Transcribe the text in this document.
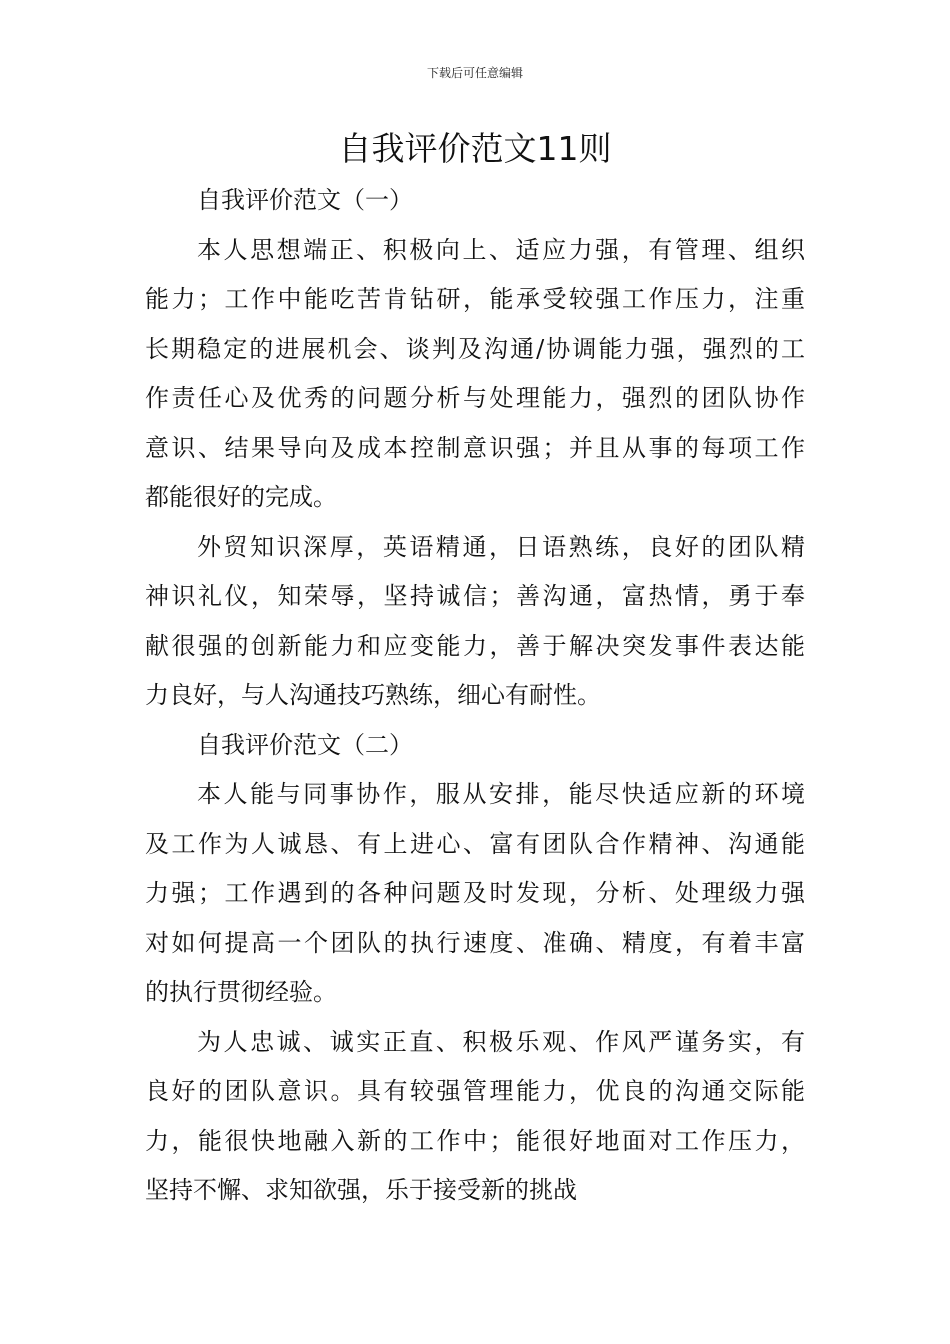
下载后可任意编辑
自我评价范文11则

自我评价范文（一）

本人思想端正、积极向上、适应力强，有管理、组织
能力；工作中能吃苦肯钻研，能承受较强工作压力，注重
长期稳定的进展机会、谈判及沟通/协调能力强，强烈的工
作责任心及优秀的问题分析与处理能力，强烈的团队协作
意识、结果导向及成本控制意识强；并且从事的每项工作
都能很好的完成。

外贸知识深厚，英语精通，日语熟练，良好的团队精
神识礼仪，知荣辱，坚持诚信；善沟通，富热情，勇于奉
献很强的创新能力和应变能力，善于解决突发事件表达能
力良好，与人沟通技巧熟练，细心有耐性。

自我评价范文（二）

本人能与同事协作，服从安排，能尽快适应新的环境
及工作为人诚恳、有上进心、富有团队合作精神、沟通能
力强；工作遇到的各种问题及时发现，分析、处理级力强
对如何提高一个团队的执行速度、准确、精度，有着丰富
的执行贯彻经验。

为人忠诚、诚实正直、积极乐观、作风严谨务实，有
良好的团队意识。具有较强管理能力，优良的沟通交际能
力，能很快地融入新的工作中；能很好地面对工作压力，
坚持不懈、求知欲强，乐于接受新的挑战
